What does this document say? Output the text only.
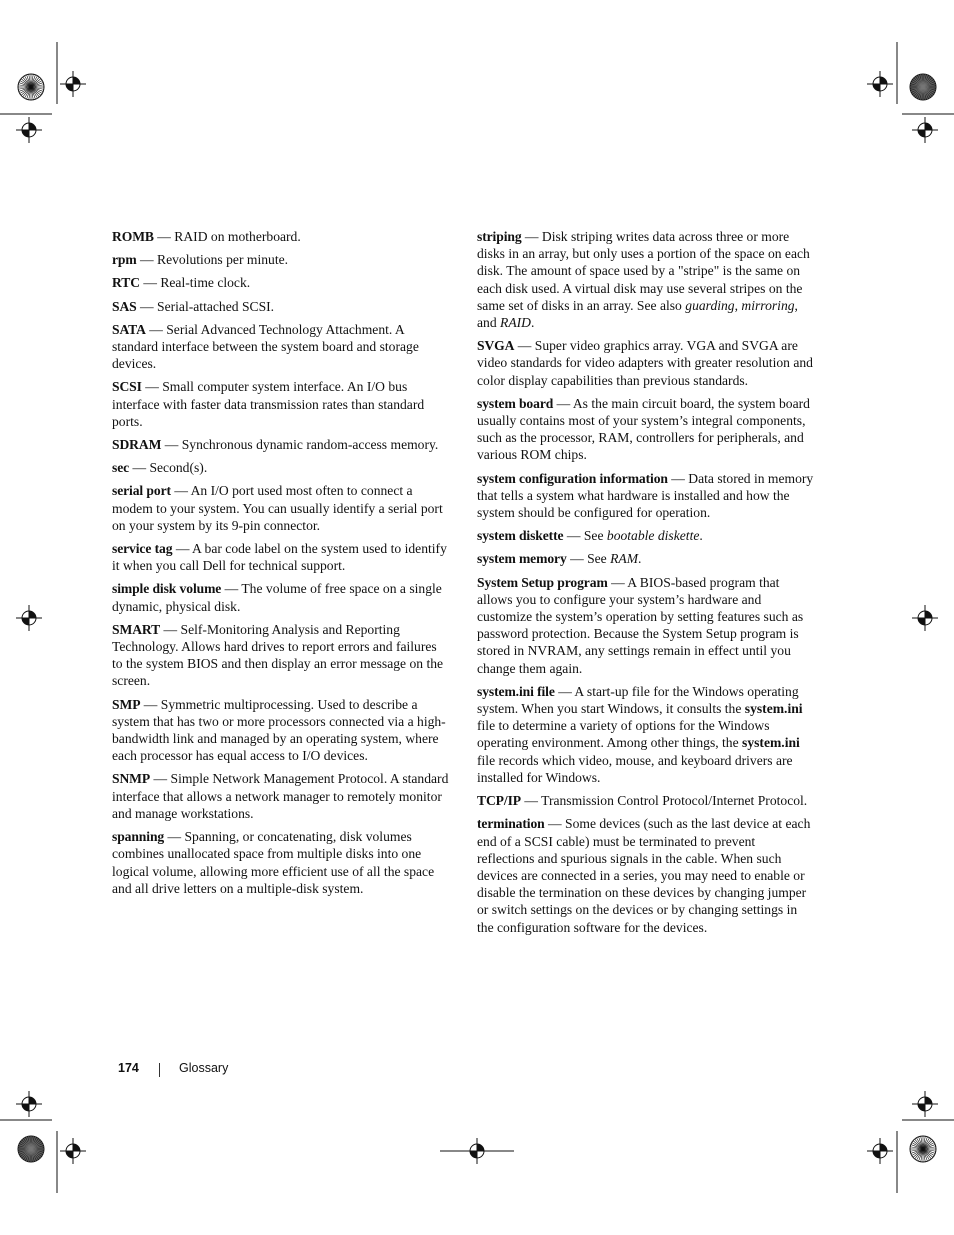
ROMB — RAID on motherboard.

rpm — Revolutions per minute.

RTC — Real-time clock.

SAS — Serial-attached SCSI.

SATA — Serial Advanced Technology Attachment. A standard interface between the system board and storage devices.

SCSI — Small computer system interface. An I/O bus interface with faster data transmission rates than standard ports.

SDRAM — Synchronous dynamic random-access memory.

sec — Second(s).

serial port — An I/O port used most often to connect a modem to your system. You can usually identify a serial port on your system by its 9-pin connector.

service tag — A bar code label on the system used to identify it when you call Dell for technical support.

simple disk volume — The volume of free space on a single dynamic, physical disk.

SMART — Self-Monitoring Analysis and Reporting Technology. Allows hard drives to report errors and failures to the system BIOS and then display an error message on the screen.

SMP — Symmetric multiprocessing. Used to describe a system that has two or more processors connected via a high-bandwidth link and managed by an operating system, where each processor has equal access to I/O devices.

SNMP — Simple Network Management Protocol. A standard interface that allows a network manager to remotely monitor and manage workstations.

spanning — Spanning, or concatenating, disk volumes combines unallocated space from multiple disks into one logical volume, allowing more efficient use of all the space and all drive letters on a multiple-disk system.

striping — Disk striping writes data across three or more disks in an array, but only uses a portion of the space on each disk. The amount of space used by a "stripe" is the same on each disk used. A virtual disk may use several stripes on the same set of disks in an array. See also guarding, mirroring, and RAID.

SVGA — Super video graphics array. VGA and SVGA are video standards for video adapters with greater resolution and color display capabilities than previous standards.

system board — As the main circuit board, the system board usually contains most of your system’s integral components, such as the processor, RAM, controllers for peripherals, and various ROM chips.

system configuration information — Data stored in memory that tells a system what hardware is installed and how the system should be configured for operation.

system diskette — See bootable diskette.

system memory — See RAM.

System Setup program — A BIOS-based program that allows you to configure your system’s hardware and customize the system’s operation by setting features such as password protection. Because the System Setup program is stored in NVRAM, any settings remain in effect until you change them again.

system.ini file — A start-up file for the Windows operating system. When you start Windows, it consults the system.ini file to determine a variety of options for the Windows operating environment. Among other things, the system.ini file records which video, mouse, and keyboard drivers are installed for Windows.

TCP/IP — Transmission Control Protocol/Internet Protocol.

termination — Some devices (such as the last device at each end of a SCSI cable) must be terminated to prevent reflections and spurious signals in the cable. When such devices are connected in a series, you may need to enable or disable the termination on these devices by changing jumper or switch settings on the devices or by changing settings in the configuration software for the devices.

174	Glossary
